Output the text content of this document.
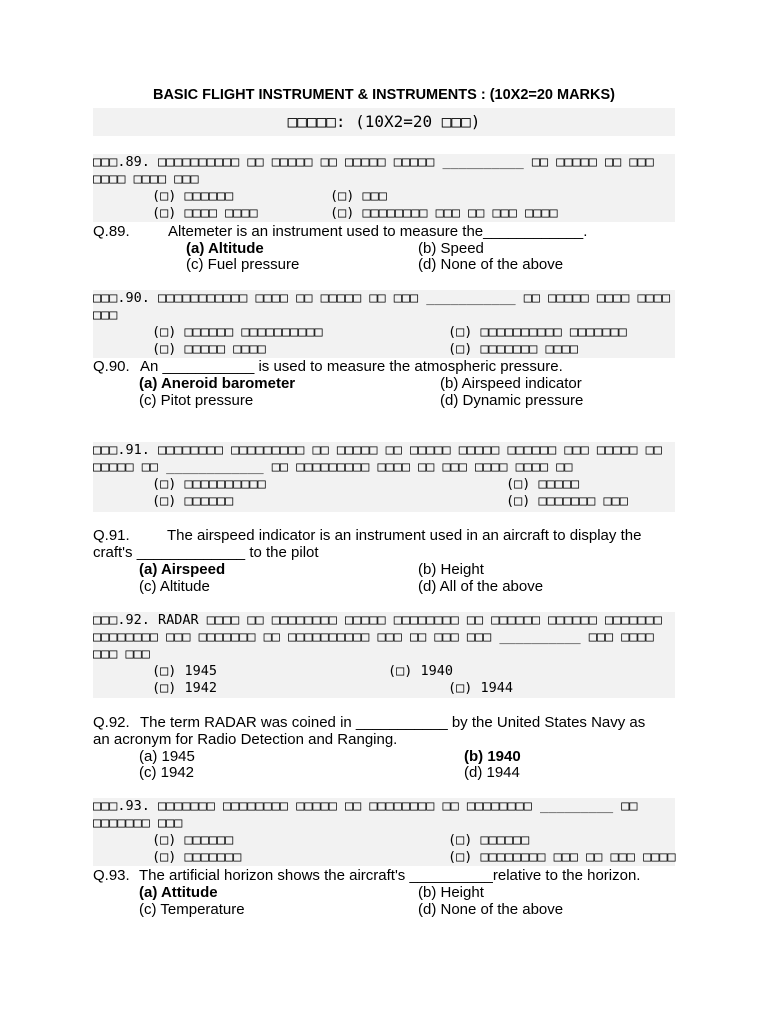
BASIC FLIGHT INSTRUMENT & INSTRUMENTS : (10X2=20 MARKS)
□□□□□: (10X2=20 □□□)
□□□.89. □□□□□□□□□□ □□ □□□□□ □□ □□□□□ □□□□□ __________ □□ □□□□□ □□ □□□
□□□□ □□□□ □□□
(□) □□□□□□	(□) □□□
(□) □□□□ □□□□	(□) □□□□□□□□ □□□ □□ □□□ □□□□
Q.89.	Altemeter is an instrument used to measure the____________.
(a) Altitude	(b) Speed
(c) Fuel pressure	(d) None of the above
□□□.90. □□□□□□□□□□□ □□□□ □□ □□□□□ □□ □□□ ___________ □□ □□□□□ □□□□ □□□□
□□□
(□) □□□□□□ □□□□□□□□□□	(□) □□□□□□□□□□ □□□□□□□
(□) □□□□□ □□□□	(□) □□□□□□□ □□□□
Q.90. An ___________ is used to measure the atmospheric pressure.
(a) Aneroid barometer	(b) Airspeed indicator
(c) Pitot pressure	(d) Dynamic pressure
□□□.91. □□□□□□□□ □□□□□□□□□ □□ □□□□□ □□ □□□□□ □□□□□ □□□□□□ □□□ □□□□□ □□
□□□□□ □□ ____________ □□ □□□□□□□□□ □□□□ □□ □□□ □□□□ □□□□ □□
(□) □□□□□□□□□□	(□) □□□□□
(□) □□□□□□	(□) □□□□□□□ □□□
Q.91. The airspeed indicator is an instrument used in an aircraft to display the
craft's _____________ to the pilot
(a) Airspeed	(b) Height
(c) Altitude	(d) All of the above
□□□.92. RADAR □□□□ □□ □□□□□□□□ □□□□□ □□□□□□□□ □□ □□□□□□ □□□□□□ □□□□□□□
□□□□□□□□ □□□ □□□□□□□ □□ □□□□□□□□□□ □□□ □□ □□□ □□□ __________ □□□ □□□□
□□□ □□□
(□) 1945	(□) 1940
(□) 1942	(□) 1944
Q.92. The term RADAR was coined in ___________ by the United States Navy as
an acronym for Radio Detection and Ranging.
(a) 1945	(b) 1940
(c) 1942	(d) 1944
□□□.93. □□□□□□□ □□□□□□□□ □□□□□ □□ □□□□□□□□ □□ □□□□□□□□ _________ □□
□□□□□□□ □□□
(□) □□□□□□	(□) □□□□□□
(□) □□□□□□□	(□) □□□□□□□□ □□□ □□ □□□ □□□□
Q.93. The artificial horizon shows the aircraft's __________relative to the horizon.
(a) Attitude	(b) Height
(c) Temperature	(d) None of the above
